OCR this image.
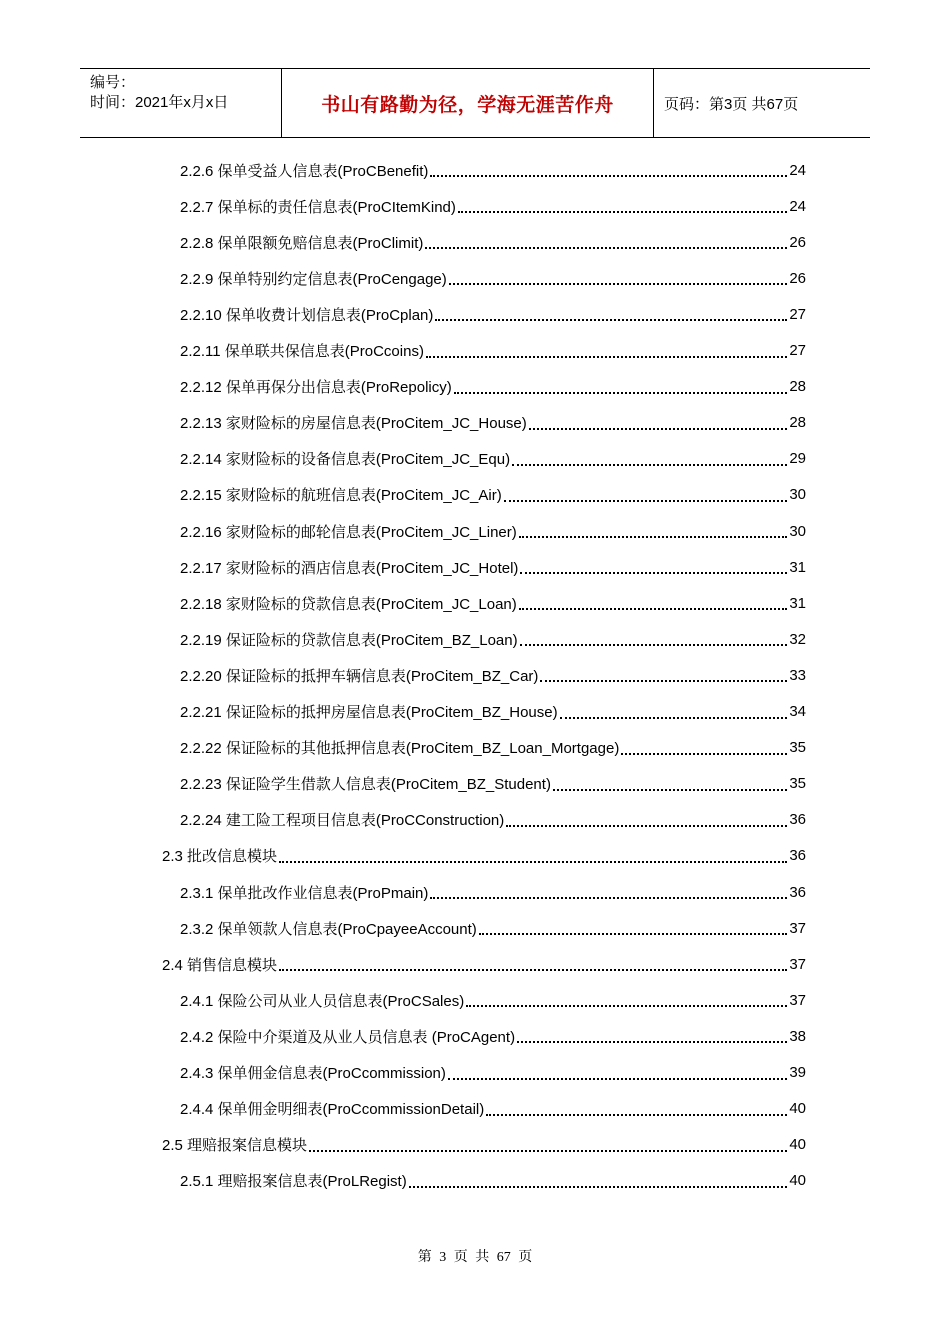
编号：
时间：2021年x月x日	书山有路勤为径，学海无涯苦作舟	页码：第3页 共67页
2.2.6 保单受益人信息表(ProCBenefit)	24
2.2.7 保单标的责任信息表(ProCItemKind)	24
2.2.8 保单限额免赔信息表(ProClimit)	26
2.2.9 保单特别约定信息表(ProCengage)	26
2.2.10 保单收费计划信息表(ProCplan)	27
2.2.11 保单联共保信息表(ProCcoins)	27
2.2.12 保单再保分出信息表(ProRepolicy)	28
2.2.13 家财险标的房屋信息表(ProCitem_JC_House)	28
2.2.14 家财险标的设备信息表(ProCitem_JC_Equ)	29
2.2.15 家财险标的航班信息表(ProCitem_JC_Air)	30
2.2.16 家财险标的邮轮信息表(ProCitem_JC_Liner)	30
2.2.17 家财险标的酒店信息表(ProCitem_JC_Hotel)	31
2.2.18 家财险标的贷款信息表(ProCitem_JC_Loan)	31
2.2.19 保证险标的贷款信息表(ProCitem_BZ_Loan)	32
2.2.20 保证险标的抵押车辆信息表(ProCitem_BZ_Car)	33
2.2.21 保证险标的抵押房屋信息表(ProCitem_BZ_House)	34
2.2.22 保证险标的其他抵押信息表(ProCitem_BZ_Loan_Mortgage)	35
2.2.23 保证险学生借款人信息表(ProCitem_BZ_Student)	35
2.2.24 建工险工程项目信息表(ProCConstruction)	36
2.3 批改信息模块	36
2.3.1 保单批改作业信息表(ProPmain)	36
2.3.2 保单领款人信息表(ProCpayeeAccount)	37
2.4 销售信息模块	37
2.4.1 保险公司从业人员信息表(ProCSales)	37
2.4.2 保险中介渠道及从业人员信息表 (ProCAgent)	38
2.4.3 保单佣金信息表(ProCcommission)	39
2.4.4 保单佣金明细表(ProCcommissionDetail)	40
2.5 理赔报案信息模块	40
2.5.1 理赔报案信息表(ProLRegist)	40
第 3 页 共 67 页
